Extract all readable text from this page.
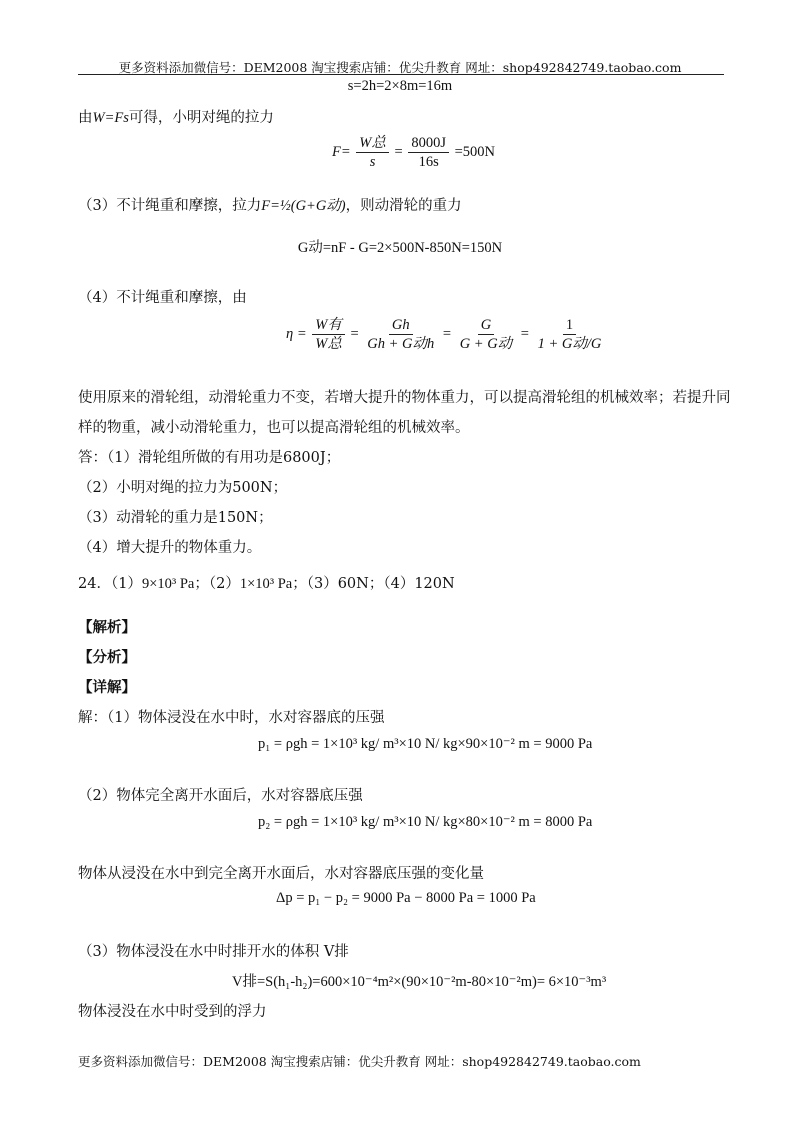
更多资料添加微信号：DEM2008 淘宝搜索店铺：优尖升教育 网址：shop492842749.taobao.com
s=2h=2×8m=16m
由W=Fs可得，小明对绳的拉力
$F= \frac{\text{W总}}{s} = \frac{8000J}{16s} =500N$
（3）不计绳重和摩擦，拉力F=½(G+G动)，则动滑轮的重力
G动=nF - G=2×500N-850N=150N
（4）不计绳重和摩擦，由
$\eta = \frac{\text{W有}}{\text{W总}} = \frac{Gh}{\text{Gh + G动h}} = \frac{G}{\text{G + G动}} = \frac{1}{\text{1 + G动/G}}$
使用原来的滑轮组，动滑轮重力不变，若增大提升的物体重力，可以提高滑轮组的机械效率；若提升同
样的物重，减小动滑轮重力，也可以提高滑轮组的机械效率。
答：（1）滑轮组所做的有用功是6800J；
（2）小明对绳的拉力为500N；
（3）动滑轮的重力是150N；
（4）增大提升的物体重力。
24．（1）9×10³ Pa；（2）1×10³ Pa；（3）60N；（4）120N
【解析】
【分析】
【详解】
解：（1）物体浸没在水中时，水对容器底的压强
p₁ = ρgh = 1×10³ kg/ m³×10 N/ kg×90×10⁻² m = 9000 Pa
（2）物体完全离开水面后，水对容器底压强
p₂ = ρgh = 1×10³ kg/ m³×10 N/ kg×80×10⁻² m = 8000 Pa
物体从浸没在水中到完全离开水面后，水对容器底压强的变化量
Δp = p₁ − p₂ = 9000 Pa − 8000 Pa = 1000 Pa
（3）物体浸没在水中时排开水的体积 V排
V排=S(h₁-h₂)=600×10⁻⁴m²×(90×10⁻²m-80×10⁻²m)= 6×10⁻³m³
物体浸没在水中时受到的浮力
更多资料添加微信号：DEM2008 淘宝搜索店铺：优尖升教育 网址：shop492842749.taobao.com
